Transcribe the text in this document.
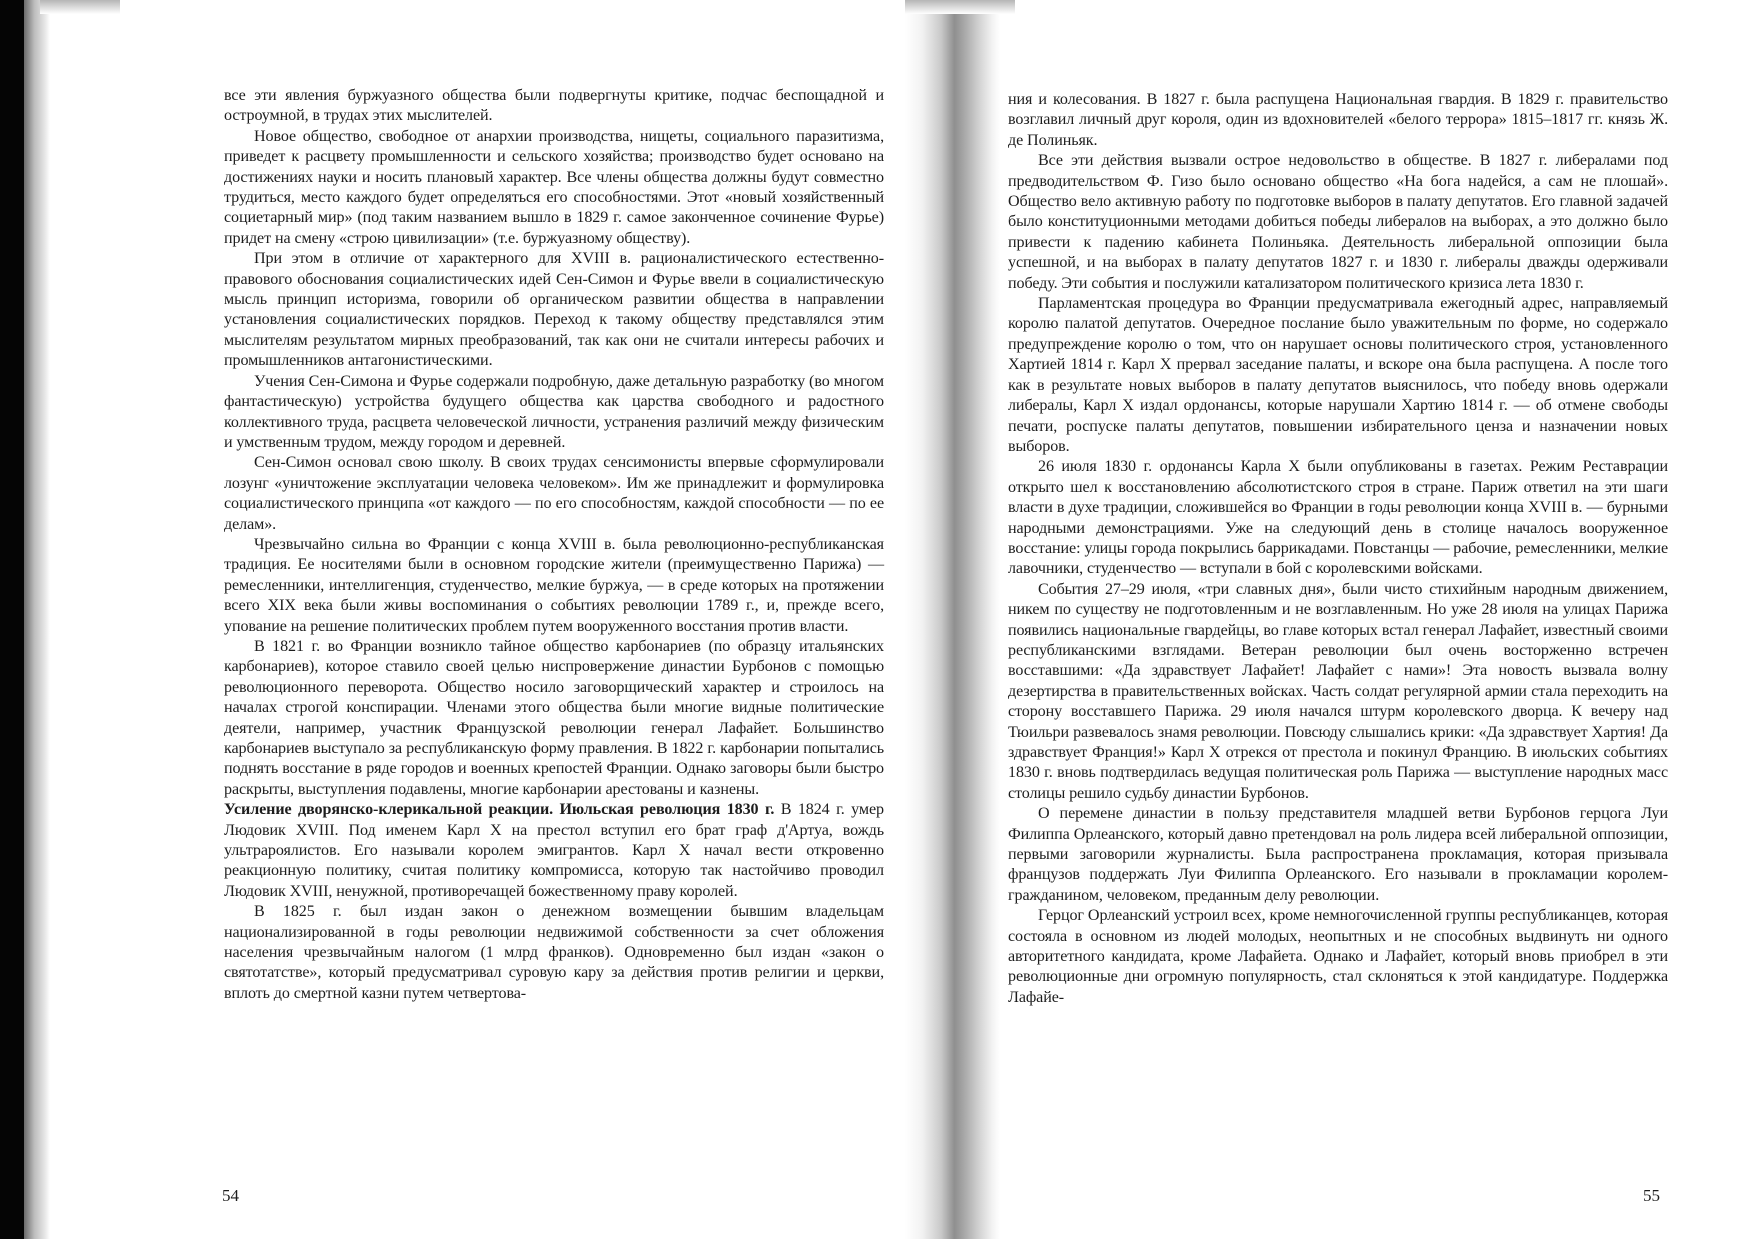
все эти явления буржуазного общества были подвергнуты критике, подчас беспощадной и остроумной, в трудах этих мыслителей.

Новое общество, свободное от анархии производства, нищеты, социального паразитизма, приведет к расцвету промышленности и сельского хозяйства; производство будет основано на достижениях науки и носить плановый характер. Все члены общества должны будут совместно трудиться, место каждого будет определяться его способностями. Этот «новый хозяйственный социетарный мир» (под таким названием вышло в 1829 г. самое законченное сочинение Фурье) придет на смену «строю цивилизации» (т.е. буржуазному обществу).

При этом в отличие от характерного для XVIII в. рационалистического естественно-правового обоснования социалистических идей Сен-Симон и Фурье ввели в социалистическую мысль принцип историзма, говорили об органическом развитии общества в направлении установления социалистических порядков. Переход к такому обществу представлялся этим мыслителям результатом мирных преобразований, так как они не считали интересы рабочих и промышленников антагонистическими.

Учения Сен-Симона и Фурье содержали подробную, даже детальную разработку (во многом фантастическую) устройства будущего общества как царства свободного и радостного коллективного труда, расцвета человеческой личности, устранения различий между физическим и умственным трудом, между городом и деревней.

Сен-Симон основал свою школу. В своих трудах сенсимонисты впервые сформулировали лозунг «уничтожение эксплуатации человека человеком». Им же принадлежит и формулировка социалистического принципа «от каждого — по его способностям, каждой способности — по ее делам».

Чрезвычайно сильна во Франции с конца XVIII в. была революционно-республиканская традиция. Ее носителями были в основном городские жители (преимущественно Парижа) — ремесленники, интеллигенция, студенчество, мелкие буржуа, — в среде которых на протяжении всего XIX века были живы воспоминания о событиях революции 1789 г., и, прежде всего, упование на решение политических проблем путем вооруженного восстания против власти.

В 1821 г. во Франции возникло тайное общество карбонариев (по образцу итальянских карбонариев), которое ставило своей целью ниспровержение династии Бурбонов с помощью революционного переворота. Общество носило заговорщический характер и строилось на началах строгой конспирации. Членами этого общества были многие видные политические деятели, например, участник Французской революции генерал Лафайет. Большинство карбонариев выступало за республиканскую форму правления. В 1822 г. карбонарии попытались поднять восстание в ряде городов и военных крепостей Франции. Однако заговоры были быстро раскрыты, выступления подавлены, многие карбонарии арестованы и казнены.

Усиление дворянско-клерикальной реакции. Июльская революция 1830 г. В 1824 г. умер Людовик XVIII. Под именем Карл X на престол вступил его брат граф д'Артуа, вождь ультрароялистов. Его называли королем эмигрантов. Карл X начал вести откровенно реакционную политику, считая политику компромисса, которую так настойчиво проводил Людовик XVIII, ненужной, противоречащей божественному праву королей.

В 1825 г. был издан закон о денежном возмещении бывшим владельцам национализированной в годы революции недвижимой собственности за счет обложения населения чрезвычайным налогом (1 млрд франков). Одновременно был издан «закон о святотатстве», который предусматривал суровую кару за действия против религии и церкви, вплоть до смертной казни путем четвертова-

54

ния и колесования. В 1827 г. была распущена Национальная гвардия. В 1829 г. правительство возглавил личный друг короля, один из вдохновителей «белого террора» 1815–1817 гг. князь Ж. де Полиньяк.

Все эти действия вызвали острое недовольство в обществе. В 1827 г. либералами под предводительством Ф. Гизо было основано общество «На бога надейся, а сам не плошай». Общество вело активную работу по подготовке выборов в палату депутатов. Его главной задачей было конституционными методами добиться победы либералов на выборах, а это должно было привести к падению кабинета Полиньяка. Деятельность либеральной оппозиции была успешной, и на выборах в палату депутатов 1827 г. и 1830 г. либералы дважды одерживали победу. Эти события и послужили катализатором политического кризиса лета 1830 г.

Парламентская процедура во Франции предусматривала ежегодный адрес, направляемый королю палатой депутатов. Очередное послание было уважительным по форме, но содержало предупреждение королю о том, что он нарушает основы политического строя, установленного Хартией 1814 г. Карл X прервал заседание палаты, и вскоре она была распущена. А после того как в результате новых выборов в палату депутатов выяснилось, что победу вновь одержали либералы, Карл X издал ордонансы, которые нарушали Хартию 1814 г. — об отмене свободы печати, роспуске палаты депутатов, повышении избирательного ценза и назначении новых выборов.

26 июля 1830 г. ордонансы Карла X были опубликованы в газетах. Режим Реставрации открыто шел к восстановлению абсолютистского строя в стране. Париж ответил на эти шаги власти в духе традиции, сложившейся во Франции в годы революции конца XVIII в. — бурными народными демонстрациями. Уже на следующий день в столице началось вооруженное восстание: улицы города покрылись баррикадами. Повстанцы — рабочие, ремесленники, мелкие лавочники, студенчество — вступали в бой с королевскими войсками.

События 27–29 июля, «три славных дня», были чисто стихийным народным движением, никем по существу не подготовленным и не возглавленным. Но уже 28 июля на улицах Парижа появились национальные гвардейцы, во главе которых встал генерал Лафайет, известный своими республиканскими взглядами. Ветеран революции был очень восторженно встречен восставшими: «Да здравствует Лафайет! Лафайет с нами»! Эта новость вызвала волну дезертирства в правительственных войсках. Часть солдат регулярной армии стала переходить на сторону восставшего Парижа. 29 июля начался штурм королевского дворца. К вечеру над Тюильри развевалось знамя революции. Повсюду слышались крики: «Да здравствует Хартия! Да здравствует Франция!» Карл X отрекся от престола и покинул Францию. В июльских событиях 1830 г. вновь подтвердилась ведущая политическая роль Парижа — выступление народных масс столицы решило судьбу династии Бурбонов.

О перемене династии в пользу представителя младшей ветви Бурбонов герцога Луи Филиппа Орлеанского, который давно претендовал на роль лидера всей либеральной оппозиции, первыми заговорили журналисты. Была распространена прокламация, которая призывала французов поддержать Луи Филиппа Орлеанского. Его называли в прокламации королем-гражданином, человеком, преданным делу революции.

Герцог Орлеанский устроил всех, кроме немногочисленной группы республиканцев, которая состояла в основном из людей молодых, неопытных и не способных выдвинуть ни одного авторитетного кандидата, кроме Лафайета. Однако и Лафайет, который вновь приобрел в эти революционные дни огромную популярность, стал склоняться к этой кандидатуре. Поддержка Лафайе-

55
